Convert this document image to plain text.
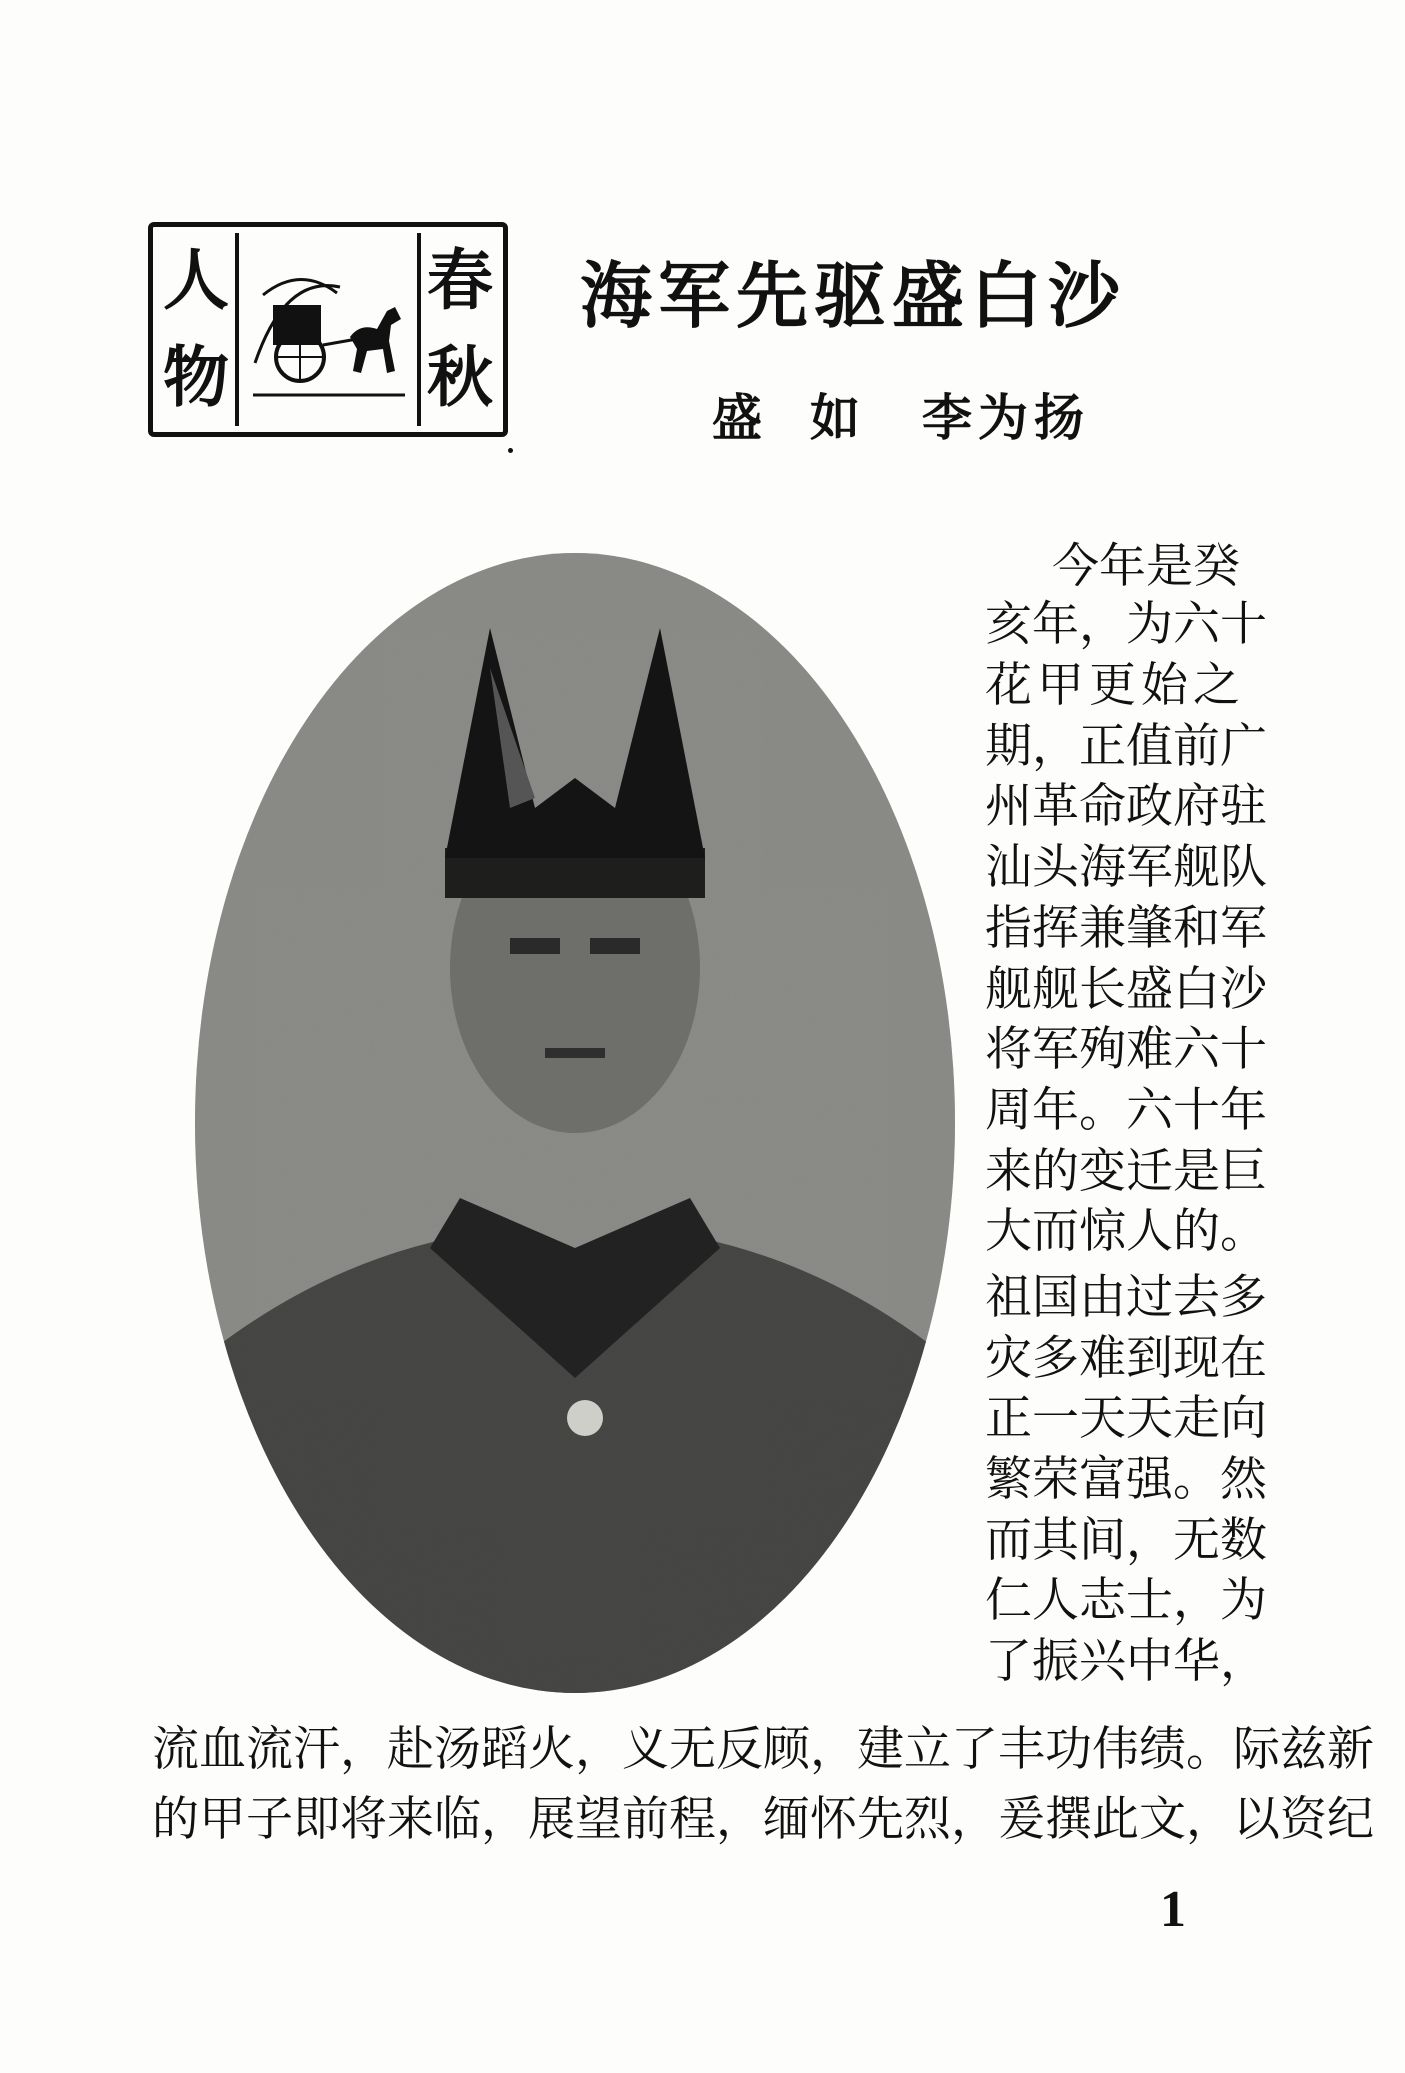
人
物
春
秋
海军先驱盛白沙
盛如 李为扬
今年是癸
亥年，为六十
花甲更始之
期，正值前广
州革命政府驻
汕头海军舰队
指挥兼肇和军
舰舰长盛白沙
将军殉难六十
周年。六十年
来的变迁是巨
大而惊人的。
祖国由过去多
灾多难到现在
正一天天走向
繁荣富强。然
而其间，无数
仁人志士，为
了振兴中华，
流血流汗，赴汤蹈火，义无反顾，建立了丰功伟绩。际兹新
的甲子即将来临，展望前程，缅怀先烈，爰撰此文，以资纪
1
